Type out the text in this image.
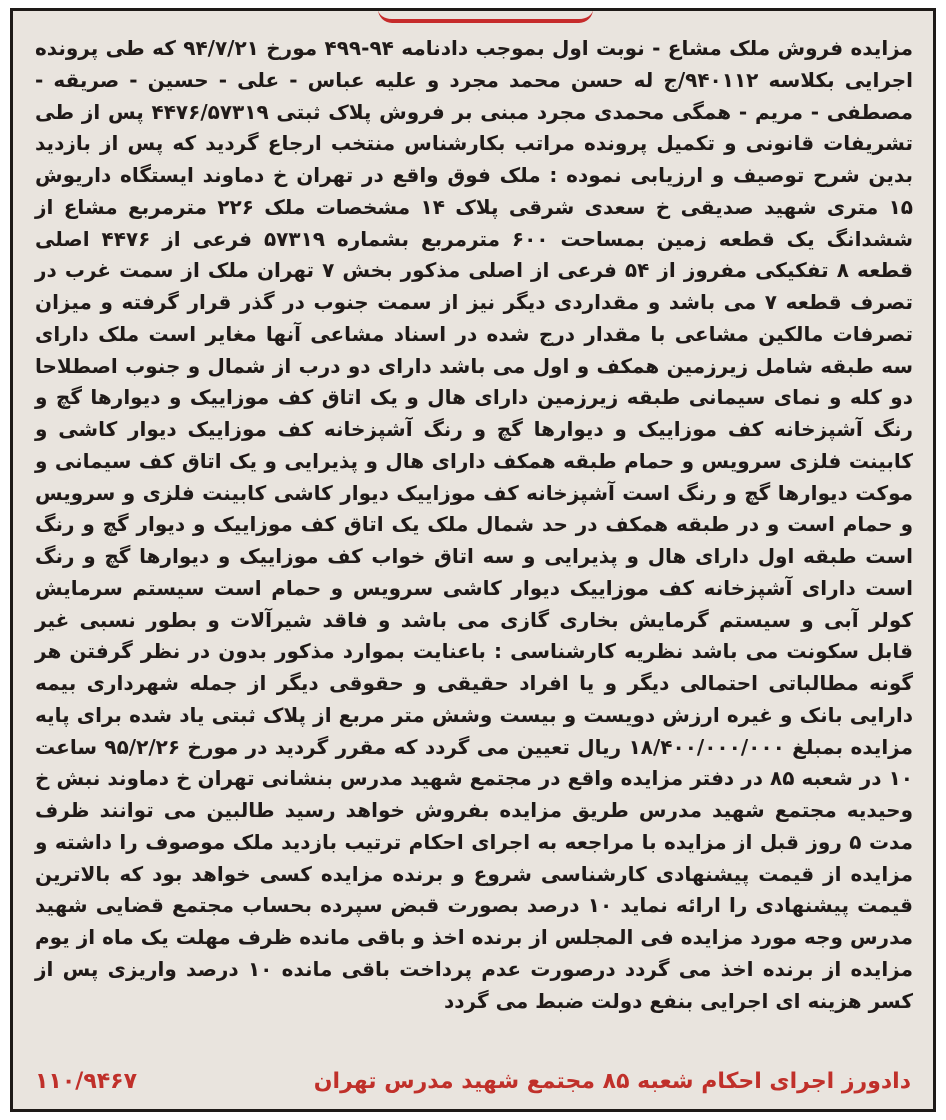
مزایده فروش ملک مشاع - نوبت اول بموجب دادنامه ۹۴-۴۹۹ مورخ ۹۴/۷/۲۱ که طی پرونده اجرایی بکلاسه ۹۴۰۱۱۲/ج له حسن محمد مجرد و علیه عباس - علی - حسین - صریقه - مصطفی - مریم - همگی محمدی مجرد مبنی بر فروش پلاک ثبتی ۴۴۷۶/۵۷۳۱۹ پس از طی تشریفات قانونی و تکمیل پرونده مراتب بکارشناس منتخب ارجاع گردید که پس از بازدید بدین شرح توصیف و ارزیابی نموده : ملک فوق واقع در تهران خ دماوند ایستگاه داریوش ۱۵ متری شهید صدیقی خ سعدی شرقی پلاک ۱۴ مشخصات ملک ۲۲۶ مترمربع مشاع از ششدانگ یک قطعه زمین بمساحت ۶۰۰ مترمربع بشماره ۵۷۳۱۹ فرعی از ۴۴۷۶ اصلی قطعه ۸ تفکیکی مفروز از ۵۴ فرعی از اصلی مذکور بخش ۷ تهران ملک از سمت غرب در تصرف قطعه ۷ می باشد و مقداردی دیگر نیز از سمت جنوب در گذر قرار گرفته و میزان تصرفات مالکین مشاعی با مقدار درج شده در اسناد مشاعی آنها مغایر است ملک دارای سه طبقه شامل زیرزمین همکف و اول می باشد دارای دو درب از شمال و جنوب اصطلاحا دو کله و نمای سیمانی طبقه زیرزمین دارای هال و یک اتاق کف موزاییک و دیوارها گچ و رنگ آشپزخانه کف موزاییک و دیوارها گچ و رنگ آشپزخانه کف موزاییک دیوار کاشی و کابینت فلزی سرویس و حمام طبقه همکف دارای هال و پذیرایی و یک اتاق کف سیمانی و موکت دیوارها گچ و رنگ است آشپزخانه کف موزاییک دیوار کاشی کابینت فلزی و سرویس و حمام است و در طبقه همکف در حد شمال ملک یک اتاق کف موزاییک و دیوار گچ و رنگ است طبقه اول دارای هال و پذیرایی و سه اتاق خواب کف موزاییک و دیوارها گچ و رنگ است دارای آشپزخانه کف موزاییک دیوار کاشی سرویس و حمام است سیستم سرمایش کولر آبی و سیستم گرمایش بخاری گازی می باشد و فاقد شیرآلات و بطور نسبی غیر قابل سکونت می باشد نظریه کارشناسی : باعنایت بموارد مذکور بدون در نظر گرفتن هر گونه مطالباتی احتمالی دیگر و یا افراد حقیقی و حقوقی دیگر از جمله شهرداری بیمه دارایی بانک و غیره ارزش دویست و بیست وشش متر مربع از پلاک ثبتی یاد شده برای پایه مزایده بمبلغ ۱۸/۴۰۰/۰۰۰/۰۰۰ ریال تعیین می گردد که مقرر گردید در مورخ ۹۵/۲/۲۶ ساعت ۱۰ در شعبه ۸۵ در دفتر مزایده واقع در مجتمع شهید مدرس بنشانی تهران خ دماوند نبش خ وحیدیه مجتمع شهید مدرس طریق مزایده بفروش خواهد رسید طالبین می توانند ظرف مدت ۵ روز قبل از مزایده با مراجعه به اجرای احکام ترتیب بازدید ملک موصوف را داشته و مزایده از قیمت پیشنهادی کارشناسی شروع و برنده مزایده کسی خواهد بود که بالاترین قیمت پیشنهادی را ارائه نماید ۱۰ درصد بصورت قبض سپرده بحساب مجتمع قضایی شهید مدرس وجه مورد مزایده فی المجلس از برنده اخذ و باقی مانده ظرف مهلت یک ماه از یوم مزایده از برنده اخذ می گردد درصورت عدم پرداخت باقی مانده ۱۰ درصد واریزی پس از کسر هزینه ای اجرایی بنفع دولت ضبط می گردد

دادورز اجرای احکام شعبه ۸۵ مجتمع شهید مدرس تهران
۱۱۰/۹۴۶۷
